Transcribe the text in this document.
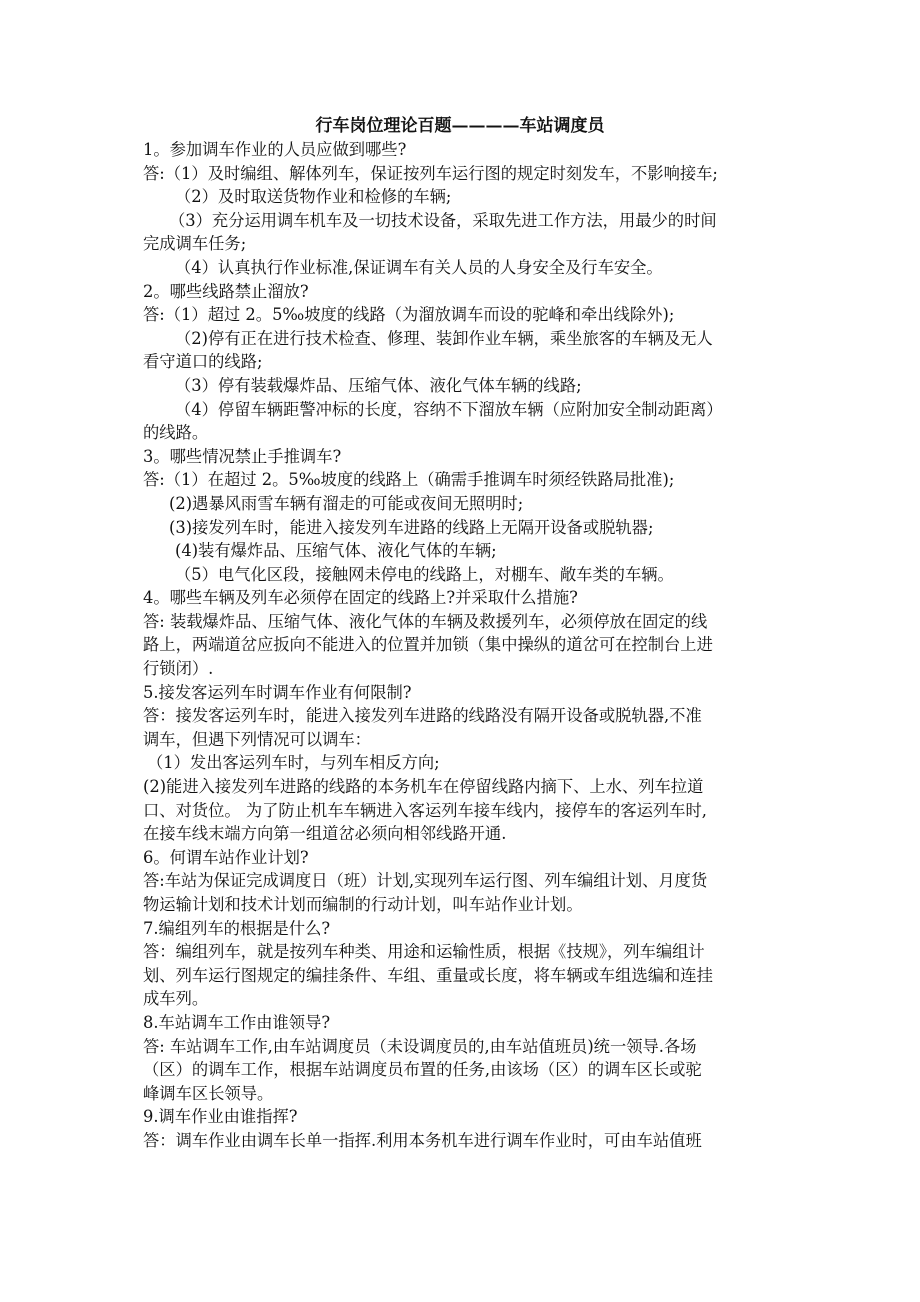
行车岗位理论百题————车站调度员
1。参加调车作业的人员应做到哪些?
答:（1）及时编组、解体列车，保证按列车运行图的规定时刻发车，不影响接车;
（2）及时取送货物作业和检修的车辆;
（3）充分运用调车机车及一切技术设备，采取先进工作方法，用最少的时间
完成调车任务;
（4）认真执行作业标准,保证调车有关人员的人身安全及行车安全。
2。哪些线路禁止溜放?
答:（1）超过 2。5‰坡度的线路（为溜放调车而设的驼峰和牵出线除外);
（2)停有正在进行技术检查、修理、装卸作业车辆，乘坐旅客的车辆及无人
看守道口的线路;
（3）停有装载爆炸品、压缩气体、液化气体车辆的线路;
（4）停留车辆距警冲标的长度，容纳不下溜放车辆（应附加安全制动距离）
的线路。
3。哪些情况禁止手推调车?
答:（1）在超过 2。5‰坡度的线路上（确需手推调车时须经铁路局批准);
(2)遇暴风雨雪车辆有溜走的可能或夜间无照明时;
(3)接发列车时，能进入接发列车进路的线路上无隔开设备或脱轨器;
(4)装有爆炸品、压缩气体、液化气体的车辆;
（5）电气化区段，接触网未停电的线路上，对棚车、敞车类的车辆。
4。哪些车辆及列车必须停在固定的线路上?并采取什么措施?
答: 装载爆炸品、压缩气体、液化气体的车辆及救援列车，必须停放在固定的线
路上，两端道岔应扳向不能进入的位置并加锁（集中操纵的道岔可在控制台上进
行锁闭）.
5.接发客运列车时调车作业有何限制?
答：接发客运列车时，能进入接发列车进路的线路没有隔开设备或脱轨器,不准
调车，但遇下列情况可以调车：
（1）发出客运列车时，与列车相反方向;
(2)能进入接发列车进路的线路的本务机车在停留线路内摘下、上水、列车拉道
口、对货位。 为了防止机车车辆进入客运列车接车线内，接停车的客运列车时,
在接车线末端方向第一组道岔必须向相邻线路开通.
6。何谓车站作业计划?
答:车站为保证完成调度日（班）计划,实现列车运行图、列车编组计划、月度货
物运输计划和技术计划而编制的行动计划，叫车站作业计划。
7.编组列车的根据是什么?
答：编组列车，就是按列车种类、用途和运输性质，根据《技规》，列车编组计
划、列车运行图规定的编挂条件、车组、重量或长度，将车辆或车组选编和连挂
成车列。
8.车站调车工作由谁领导?
答: 车站调车工作,由车站调度员（未设调度员的,由车站值班员)统一领导.各场
（区）的调车工作，根据车站调度员布置的任务,由该场（区）的调车区长或驼
峰调车区长领导。
9.调车作业由谁指挥?
答：调车作业由调车长单一指挥.利用本务机车进行调车作业时，可由车站值班
